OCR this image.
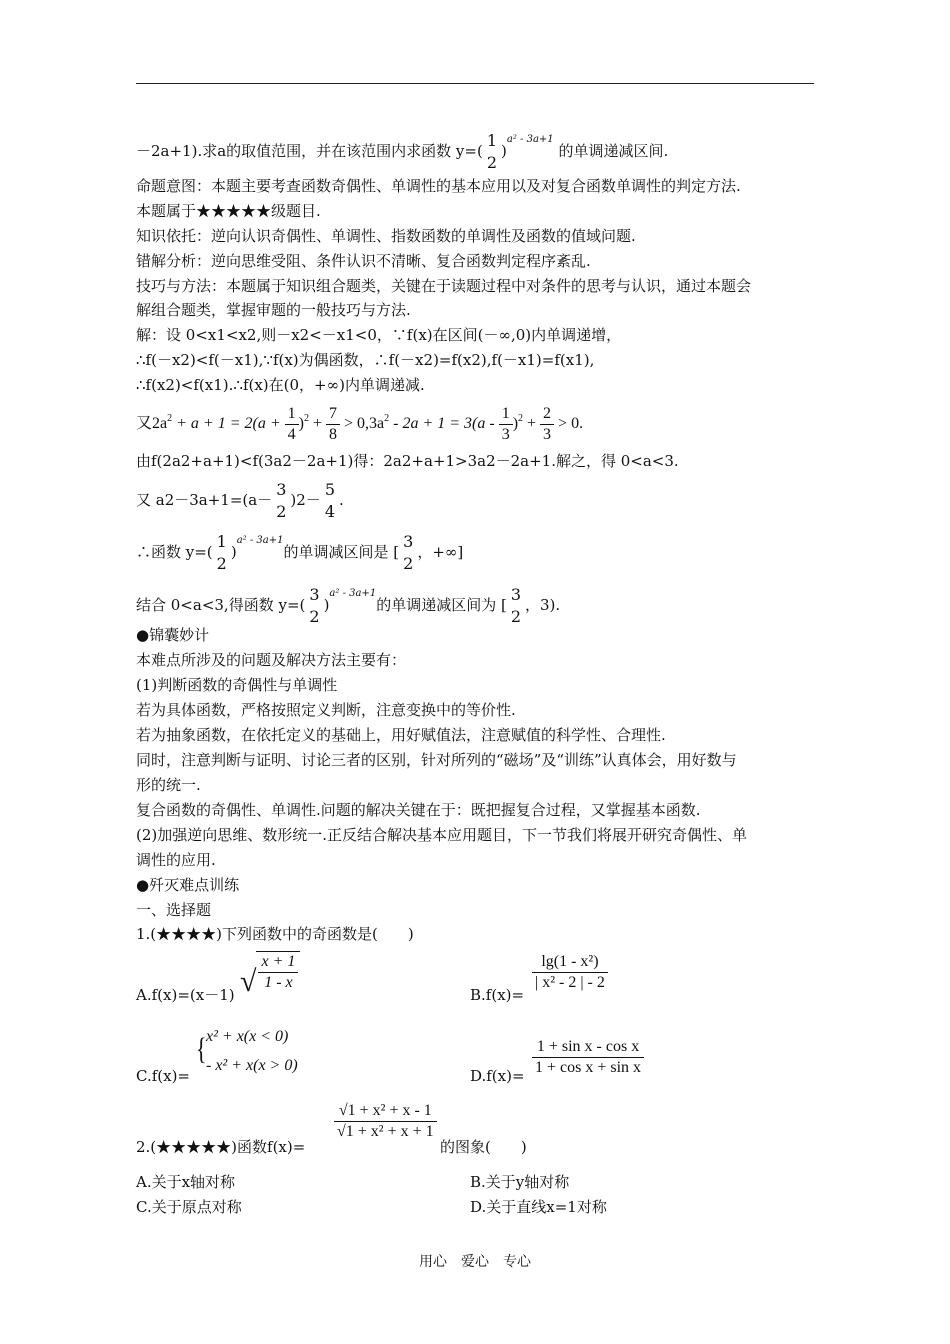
－2a+1).求a的取值范围，并在该范围内求函数 y=(
1
2
)$^{a^2 - 3a+1}$ 的单调递减区间.
命题意图：本题主要考查函数奇偶性、单调性的基本应用以及对复合函数单调性的判定方法.
本题属于★★★★★级题目.
知识依托：逆向认识奇偶性、单调性、指数函数的单调性及函数的值域问题.
错解分析：逆向思维受阻、条件认识不清晰、复合函数判定程序紊乱.
技巧与方法：本题属于知识组合题类，关键在于读题过程中对条件的思考与认识，通过本题会
解组合题类，掌握审题的一般技巧与方法.
解：设 0<x1<x2,则－x2<－x1<0，∵f(x)在区间(－∞,0)内单调递增，
∴f(－x2)<f(－x1),∵f(x)为偶函数，∴f(－x2)=f(x2),f(－x1)=f(x1),
∴f(x2)<f(x1).∴f(x)在(0，+∞)内单调递减.
又$2a^2 + a + 1 = 2(a + \frac{1}{4} )^2 + \frac{7}{8} > 0,3a^2 - 2a + 1 = 3(a - \frac{1}{3} )^2 + \frac{2}{3} > 0$.
由f(2a2+a+1)<f(3a2－2a+1)得：2a2+a+1>3a2－2a+1.解之，得 0<a<3.
又 a2－3a+1=(a－
3
2
)2－
5
4
.
∴函数 y=(
1
2
)$^{a^2 - 3a+1}$的单调减区间是 [
3
2
，+∞]
结合 0<a<3,得函数 y=(
3
2
)$^{a^2 - 3a+1}$的单调递减区间为 [
3
2
，3).
●锦囊妙计
本难点所涉及的问题及解决方法主要有：
(1)判断函数的奇偶性与单调性
若为具体函数，严格按照定义判断，注意变换中的等价性.
若为抽象函数，在依托定义的基础上，用好赋值法，注意赋值的科学性、合理性.
同时，注意判断与证明、讨论三者的区别，针对所列的“磁场”及“训练”认真体会，用好数与
形的统一.
复合函数的奇偶性、单调性.问题的解决关键在于：既把握复合过程，又掌握基本函数.
(2)加强逆向思维、数形统一.正反结合解决基本应用题目，下一节我们将展开研究奇偶性、单
调性的应用.
●歼灭难点训练
一、选择题
1.(★★★★)下列函数中的奇函数是(　　)
A.f(x)=(x－1) √ $\frac{x + 1}{1 - x}$
B.f(x)=
$\frac{\text{lg(1 - x²)}}{\text{| x² - 2 | - 2}}$
C.f(x)=
{ x² + x(x < 0)
- x² + x(x > 0)
$D.f(x)= \frac{\text{1 + sin x - cos x}}{\text{1 + cos x + sin x}}$
2.(★★★★★)函数f(x)=
$\frac{\text{√1 + x² + x - 1}}{\text{√1 + x² + x + 1}}$
的图象(　　)
A.关于x轴对称	B.关于y轴对称
C.关于原点对称	D.关于直线x=1对称
用心　爱心　专心
